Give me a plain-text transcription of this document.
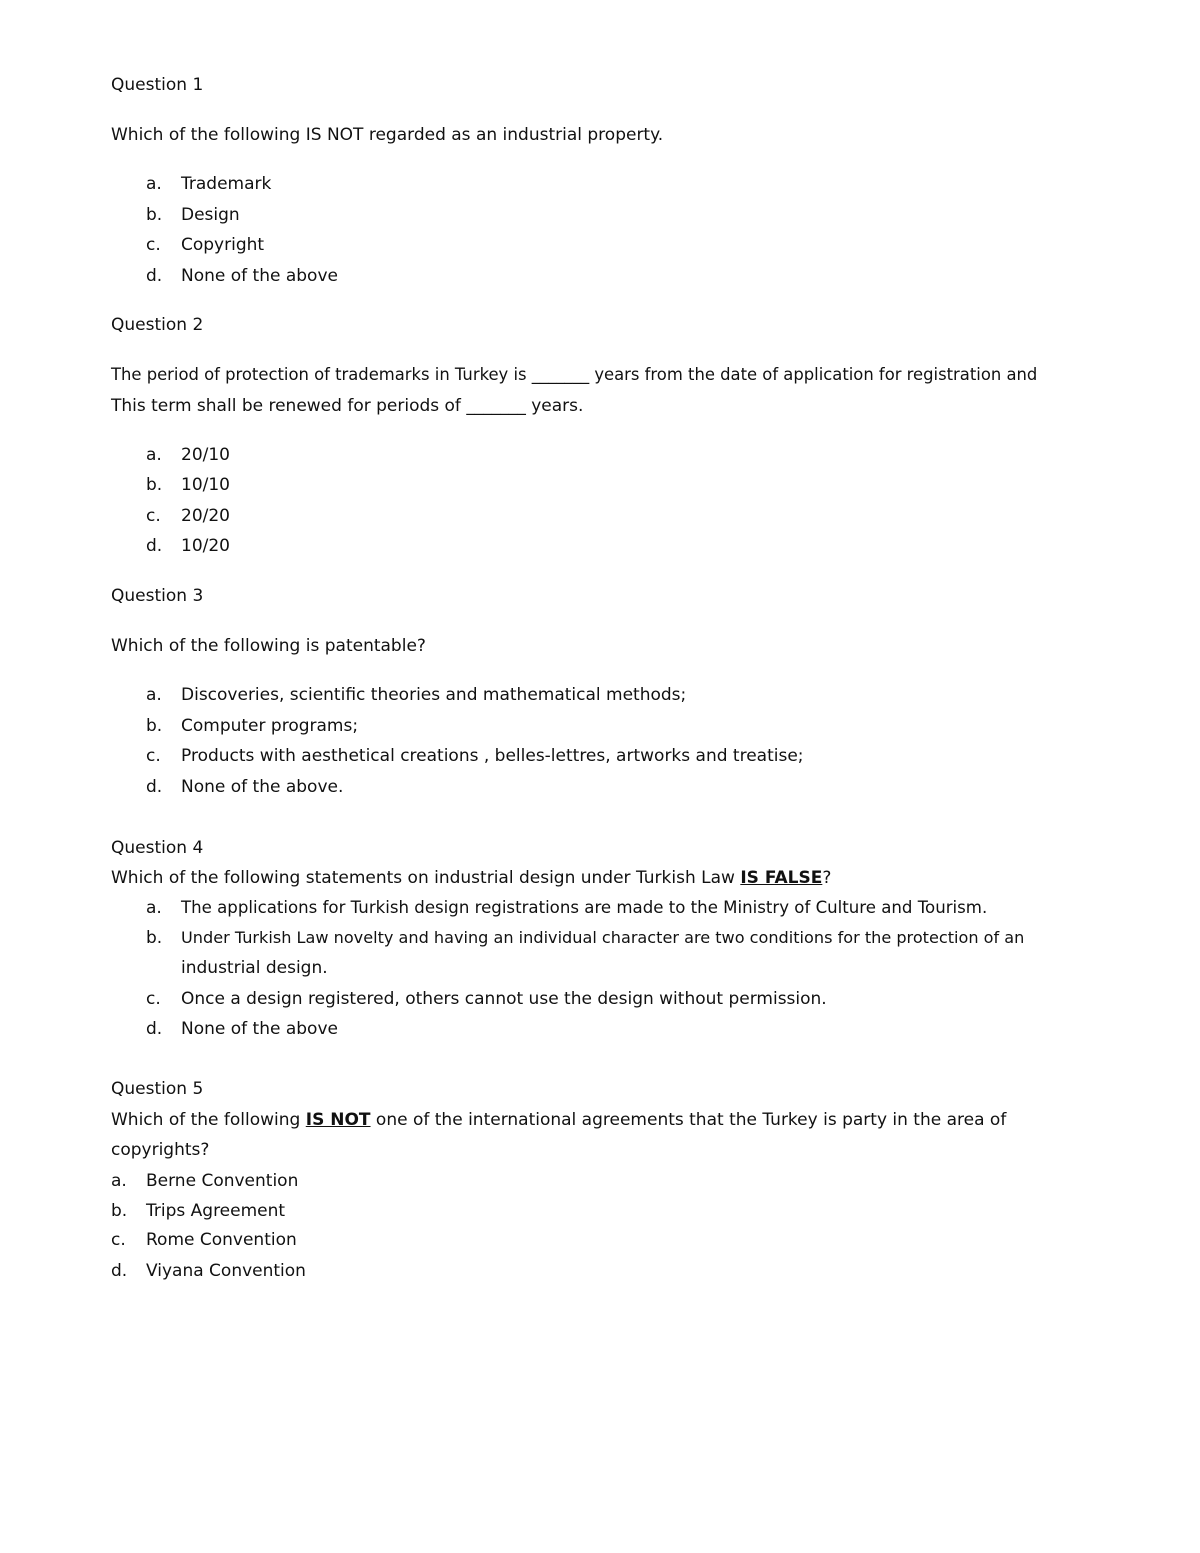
Question 1
Which of the following IS NOT regarded as an industrial property.
a. Trademark
b. Design
c. Copyright
d. None of the above
Question 2
The period of protection of trademarks in Turkey is _______ years from the date of application for registration and
This term shall be renewed for periods of _______ years.
a. 20/10
b. 10/10
c. 20/20
d. 10/20
Question 3
Which of the following is patentable?
a. Discoveries, scientific theories and mathematical methods;
b. Computer programs;
c. Products with aesthetical creations , belles-lettres, artworks and treatise;
d. None of the above.
Question 4
Which of the following statements on industrial design under Turkish Law IS FALSE?
a. The applications for Turkish design registrations are made to the Ministry of Culture and Tourism.
b. Under Turkish Law novelty and having an individual character are two conditions for the protection of an
industrial design.
c. Once a design registered, others cannot use the design without permission.
d. None of the above
Question 5
Which of the following IS NOT one of the international agreements that the Turkey is party in the area of
copyrights?
a. Berne Convention
b. Trips Agreement
c. Rome Convention
d. Viyana Convention
